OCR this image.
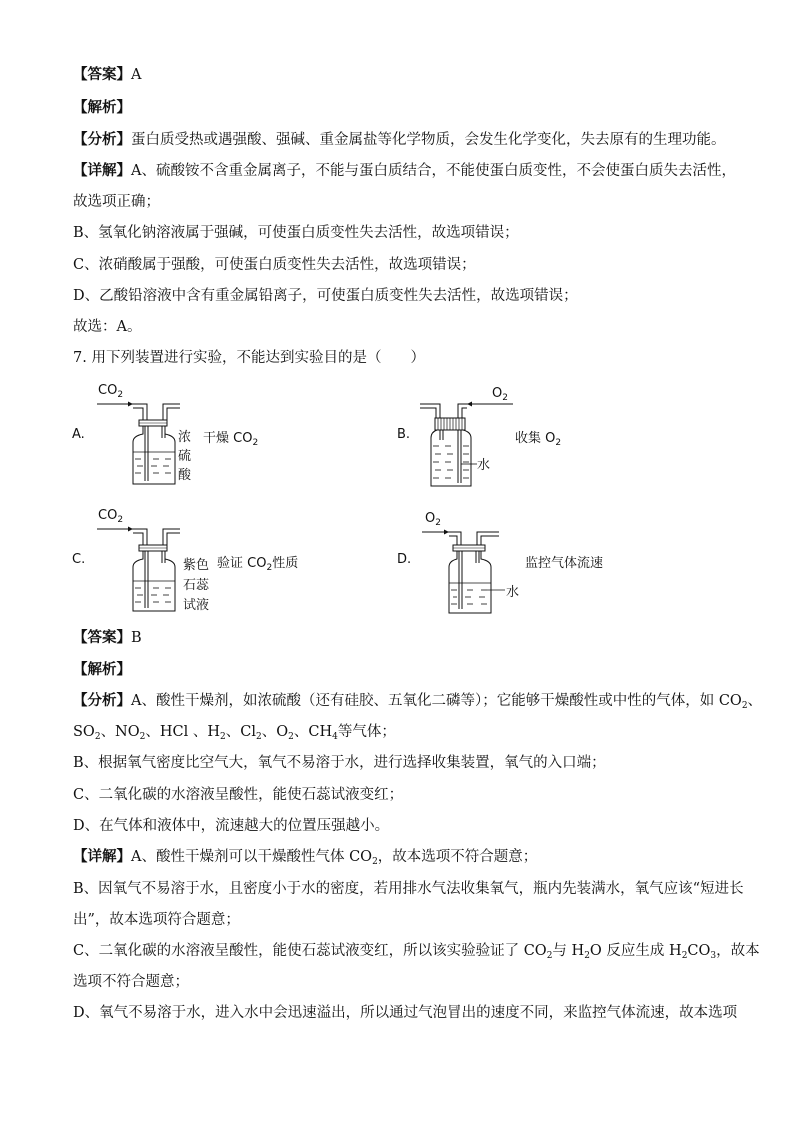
【答案】A
【解析】
【分析】蛋白质受热或遇强酸、强碱、重金属盐等化学物质，会发生化学变化，失去原有的生理功能。
【详解】A、硫酸铵不含重金属离子，不能与蛋白质结合，不能使蛋白质变性，不会使蛋白质失去活性，
故选项正确；
B、氢氧化钠溶液属于强碱，可使蛋白质变性失去活性，故选项错误；
C、浓硝酸属于强酸，可使蛋白质变性失去活性，故选项错误；
D、乙酸铅溶液中含有重金属铅离子，可使蛋白质变性失去活性，故选项错误；
故选：A。
7. 用下列装置进行实验，不能达到实验目的是（　　）
A.
$CO_2$
浓
硫
酸
干燥 $CO_2$
B.
$O_2$
水
收集 $O_2$
C.
$CO_2$
紫色
石蕊
试液
验证 $CO_2$性质	D.
$O_2$
水
监控气体流速
【答案】B
【解析】
【分析】A、酸性干燥剂，如浓硫酸（还有硅胶、五氧化二磷等）；它能够干燥酸性或中性的气体，如 $CO_2$、
$SO_2$、$NO_2$、HCl 、$H_2$、$Cl_2$、$O_2$、$CH_4$等气体；
B、根据氧气密度比空气大，氧气不易溶于水，进行选择收集装置，氧气的入口端；
C、二氧化碳的水溶液呈酸性，能使石蕊试液变红；
D、在气体和液体中，流速越大的位置压强越小。
【详解】A、酸性干燥剂可以干燥酸性气体 $CO_2$，故本选项不符合题意；
B、因氧气不易溶于水，且密度小于水的密度，若用排水气法收集氧气，瓶内先装满水，氧气应该“短进长
出”，故本选项符合题意；
C、二氧化碳的水溶液呈酸性，能使石蕊试液变红，所以该实验验证了 $CO_2$与 $H_2O$ 反应生成 $H_2CO_3$，故本
选项不符合题意；
D、氧气不易溶于水，进入水中会迅速溢出，所以通过气泡冒出的速度不同，来监控气体流速，故本选项
